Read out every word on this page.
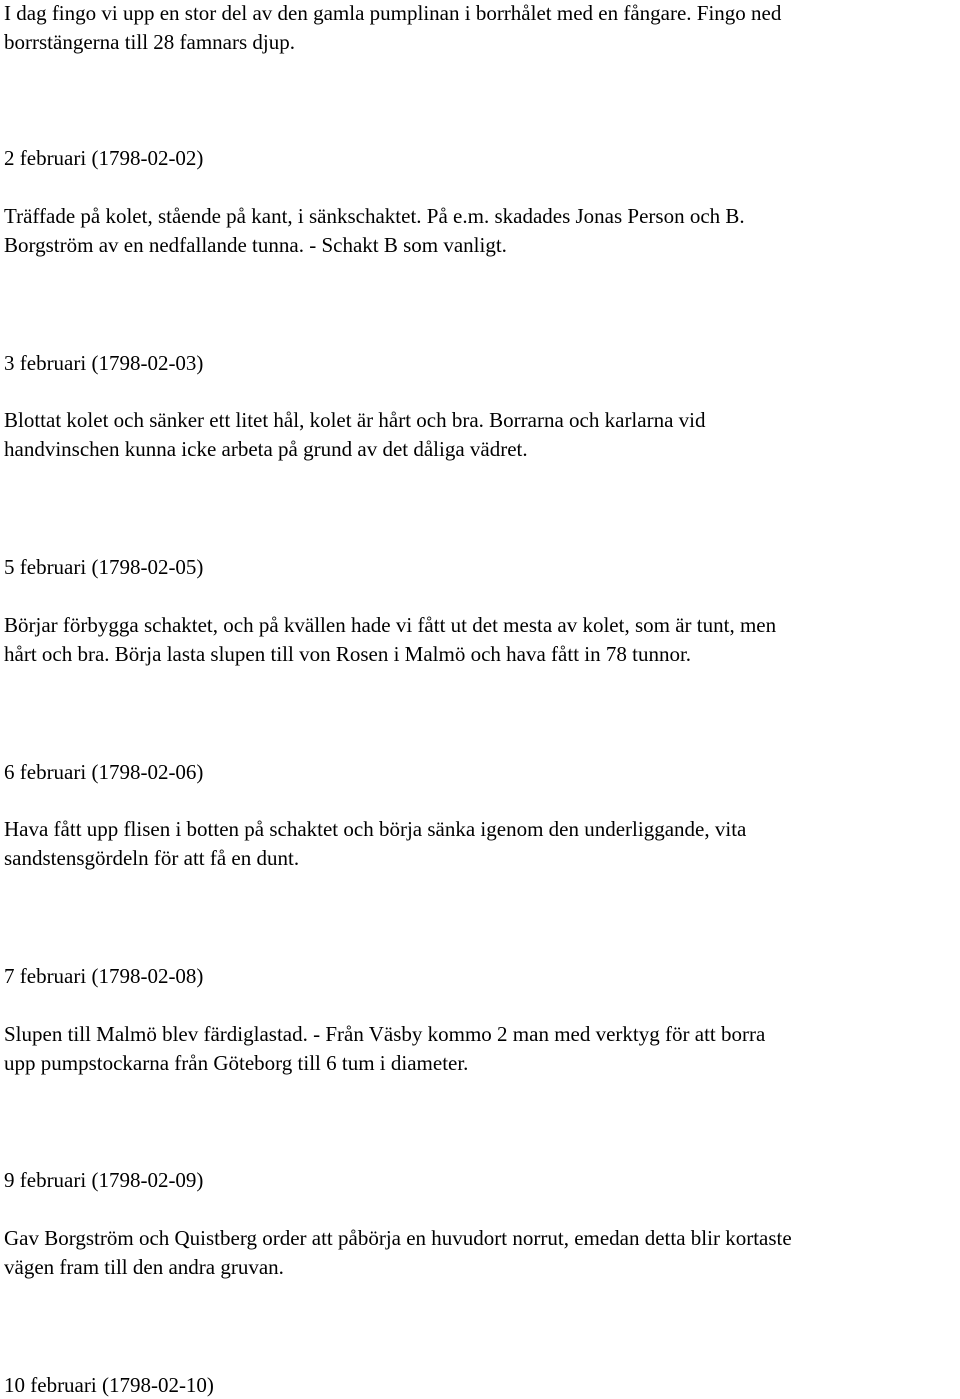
I dag fingo vi upp en stor del av den gamla pumplinan i borrhålet med en fångare. Fingo ned
borrstängerna till 28 famnars djup.

2 februari (1798-02-02)

Träffade på kolet, stående på kant, i sänkschaktet. På e.m. skadades Jonas Person och B.
Borgström av en nedfallande tunna. - Schakt B som vanligt.

3 februari (1798-02-03)

Blottat kolet och sänker ett litet hål, kolet är hårt och bra. Borrarna och karlarna vid
handvinschen kunna icke arbeta på grund av det dåliga vädret.

5 februari (1798-02-05)

Börjar förbygga schaktet, och på kvällen hade vi fått ut det mesta av kolet, som är tunt, men
hårt och bra. Börja lasta slupen till von Rosen i Malmö och hava fått in 78 tunnor.

6 februari (1798-02-06)

Hava fått upp flisen i botten på schaktet och börja sänka igenom den underliggande, vita
sandstensgördeln för att få en dunt.

7 februari (1798-02-08)

Slupen till Malmö blev färdiglastad. - Från Väsby kommo 2 man med verktyg för att borra
upp pumpstockarna från Göteborg till 6 tum i diameter.

9 februari (1798-02-09)

Gav Borgström och Quistberg order att påbörja en huvudort norrut, emedan detta blir kortaste
vägen fram till den andra gruvan.

10 februari (1798-02-10)
